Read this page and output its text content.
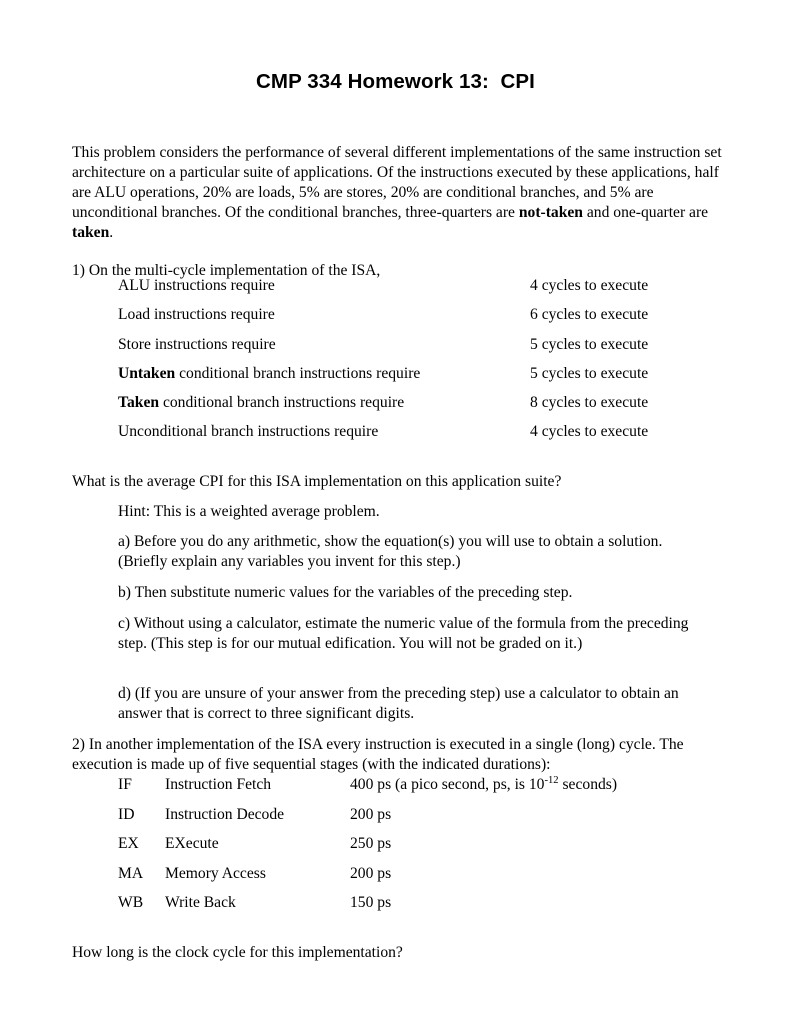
CMP 334 Homework 13:  CPI

This problem considers the performance of several different implementations of the same instruction set architecture on a particular suite of applications. Of the instructions executed by these applications, half are ALU operations, 20% are loads, 5% are stores, 20% are conditional branches, and 5% are unconditional branches. Of the conditional branches, three-quarters are not-taken and one-quarter are taken.

1) On the multi-cycle implementation of the ISA,

ALU instructions require	4 cycles to execute
Load instructions require	6 cycles to execute
Store instructions require	5 cycles to execute
Untaken conditional branch instructions require	5 cycles to execute
Taken conditional branch instructions require	8 cycles to execute
Unconditional branch instructions require	4 cycles to execute

What is the average CPI for this ISA implementation on this application suite?

Hint: This is a weighted average problem.

a) Before you do any arithmetic, show the equation(s) you will use to obtain a solution. (Briefly explain any variables you invent for this step.)

b) Then substitute numeric values for the variables of the preceding step.

c) Without using a calculator, estimate the numeric value of the formula from the preceding step. (This step is for our mutual edification. You will not be graded on it.)

d) (If you are unsure of your answer from the preceding step) use a calculator to obtain an answer that is correct to three significant digits.

2) In another implementation of the ISA every instruction is executed in a single (long) cycle. The execution is made up of five sequential stages (with the indicated durations):

IF	Instruction Fetch	400 ps (a pico second, ps, is $10^{-12}$ seconds)
ID	Instruction Decode	200 ps
EX	EXecute	250 ps
MA	Memory Access	200 ps
WB	Write Back	150 ps

How long is the clock cycle for this implementation?
